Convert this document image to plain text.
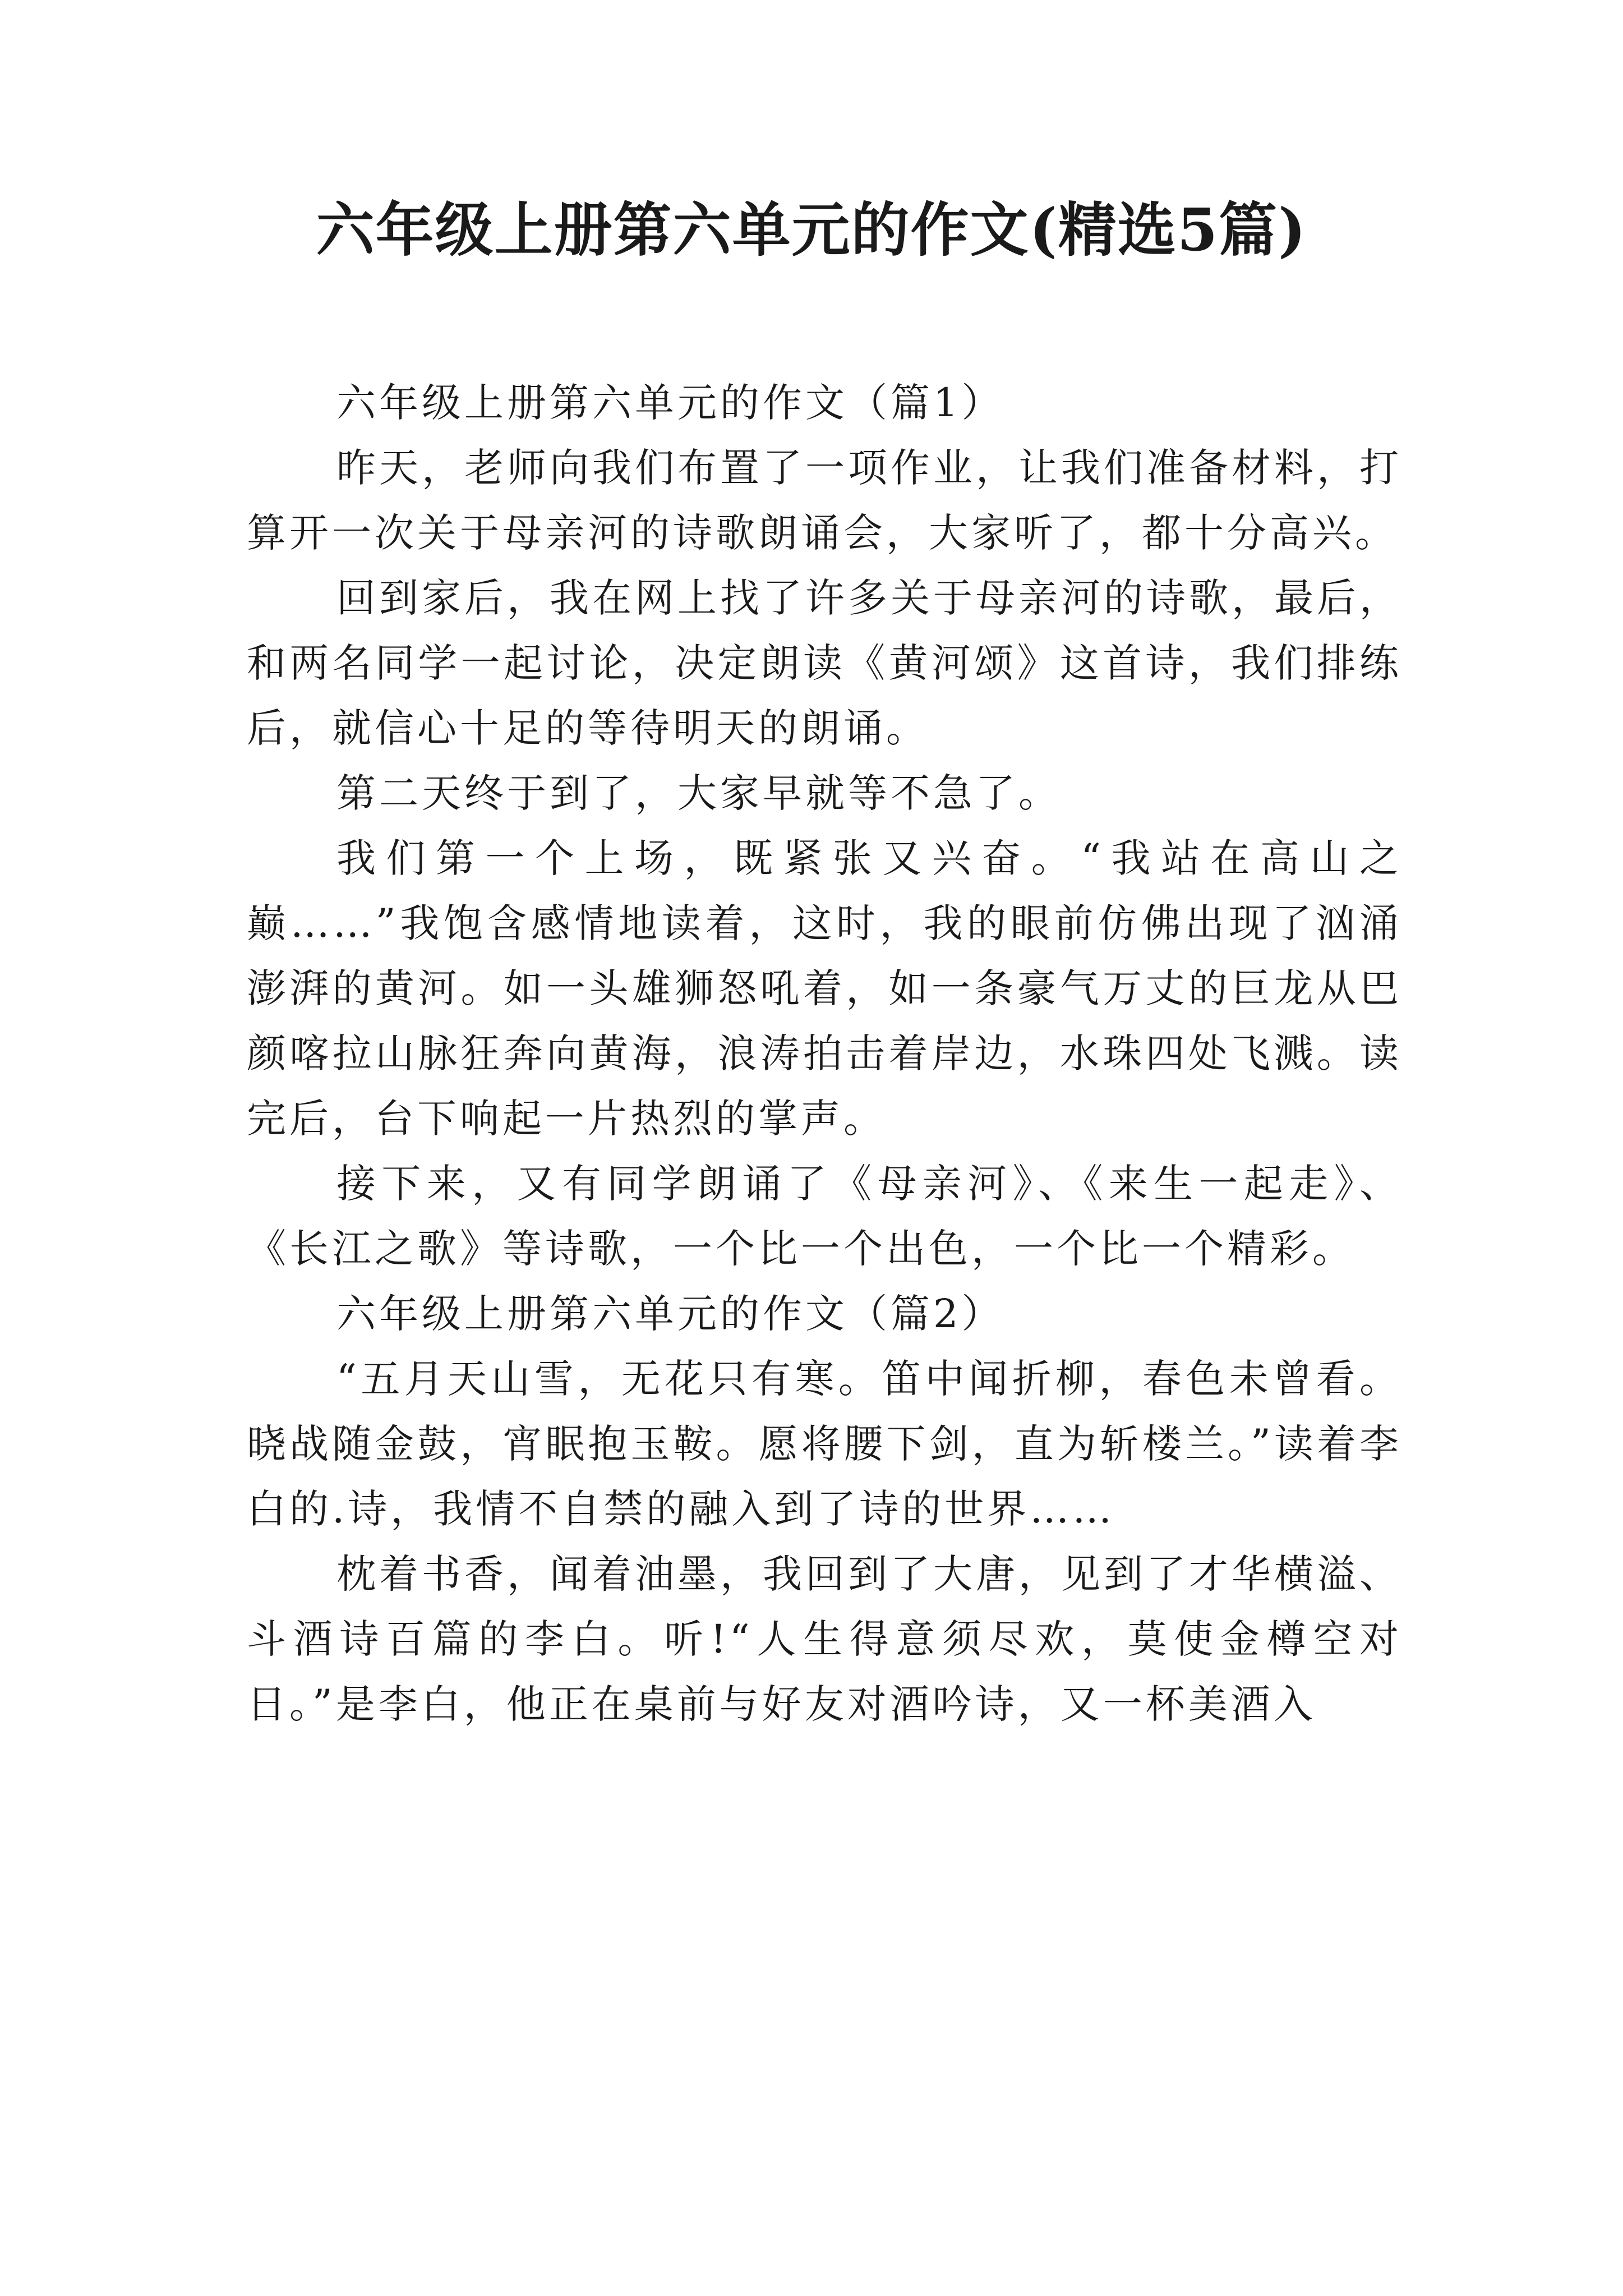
六年级上册第六单元的作文(精选5篇)

六年级上册第六单元的作文（篇1）

昨天，老师向我们布置了一项作业，让我们准备材料，打算开一次关于母亲河的诗歌朗诵会，大家听了，都十分高兴。

回到家后，我在网上找了许多关于母亲河的诗歌，最后，和两名同学一起讨论，决定朗读《黄河颂》这首诗，我们排练后，就信心十足的等待明天的朗诵。

第二天终于到了，大家早就等不急了。

我们第一个上场，既紧张又兴奋。“我站在高山之巅……”我饱含感情地读着，这时，我的眼前仿佛出现了汹涌澎湃的黄河。如一头雄狮怒吼着，如一条豪气万丈的巨龙从巴颜喀拉山脉狂奔向黄海，浪涛拍击着岸边，水珠四处飞溅。读完后，台下响起一片热烈的掌声。

接下来，又有同学朗诵了《母亲河》、《来生一起走》、《长江之歌》等诗歌，一个比一个出色，一个比一个精彩。

六年级上册第六单元的作文（篇2）

“五月天山雪，无花只有寒。笛中闻折柳，春色未曾看。晓战随金鼓，宵眠抱玉鞍。愿将腰下剑，直为斩楼兰。”读着李白的.诗，我情不自禁的融入到了诗的世界……

枕着书香，闻着油墨，我回到了大唐，见到了才华横溢、斗酒诗百篇的李白。听!“人生得意须尽欢，莫使金樽空对日。”是李白，他正在桌前与好友对酒吟诗，又一杯美酒入
